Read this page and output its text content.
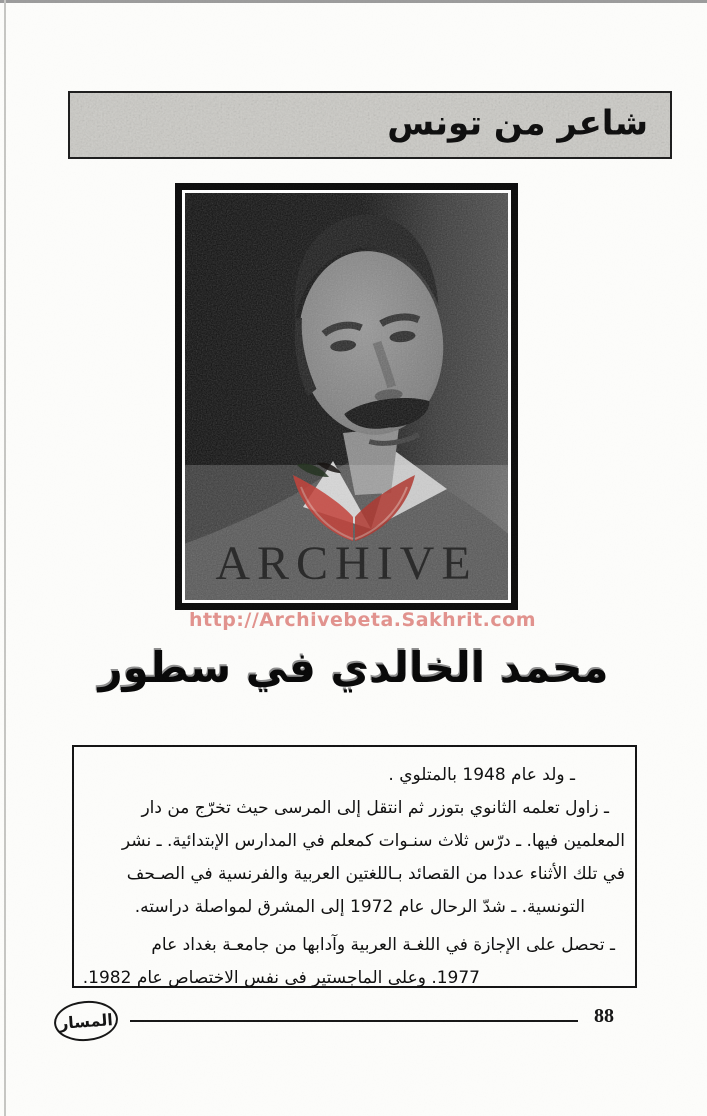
شاعر من تونس
ARCHIVE
http://Archivebeta.Sakhrit.com
محمد الخالدي في سطور
ـ ولد عام 1948 بالمتلوي .
ـ زاول تعلمه الثانوي بتوزر ثم انتقل إلى المرسى حيث تخرّج من دار
المعلمين فيها. ـ درّس ثلاث سنـوات كمعلم في المدارس الإبتدائية. ـ نشر
في تلك الأثناء عددا من القصائد بـاللغتين العربية والفرنسية في الصـحف
التونسية. ـ شدّ الرحال عام 1972 إلى المشرق لمواصلة دراسته.
ـ تحصل على الإجازة في اللغـة العربية وآدابها من جامعـة بغداد عام
1977. وعلى الماجستير في نفس الاختصاص عام 1982.
المسار	88
